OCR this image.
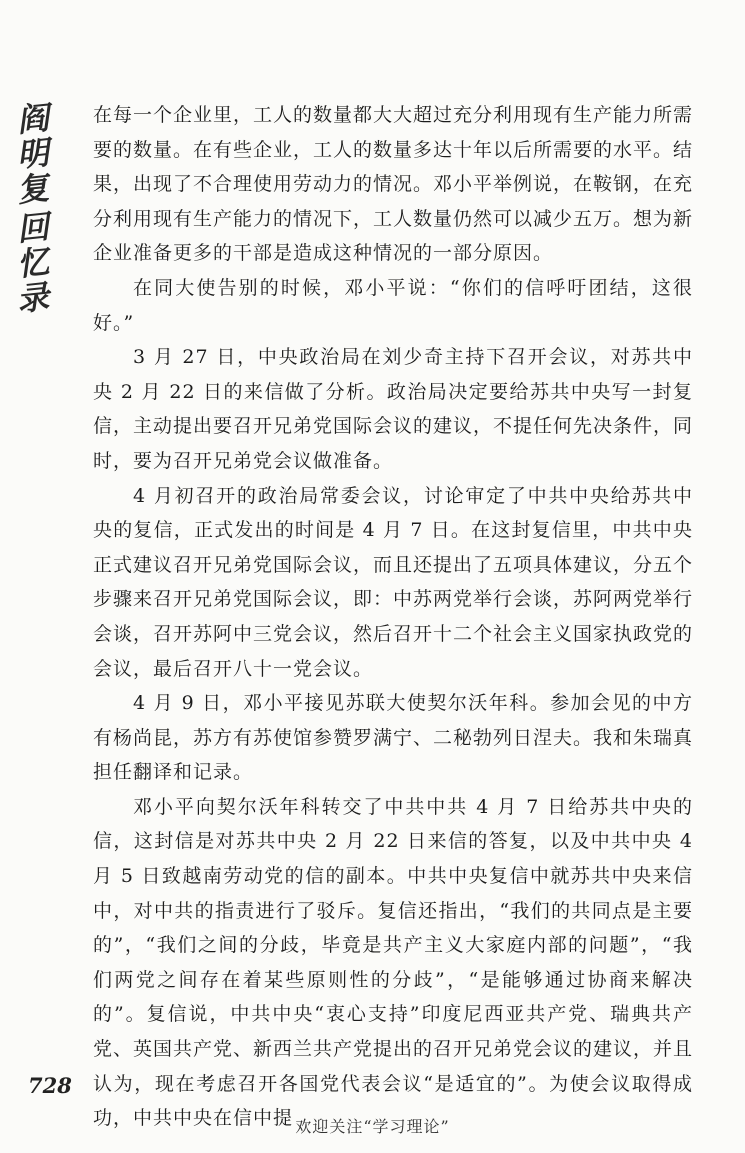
阎
明
复
回
忆
录

在每一个企业里，工人的数量都大大超过充分利用现有生产能力所需要的数量。在有些企业，工人的数量多达十年以后所需要的水平。结果，出现了不合理使用劳动力的情况。邓小平举例说，在鞍钢，在充分利用现有生产能力的情况下，工人数量仍然可以减少五万。想为新企业准备更多的干部是造成这种情况的一部分原因。

在同大使告别的时候，邓小平说：“你们的信呼吁团结，这很好。”

3 月 27 日，中央政治局在刘少奇主持下召开会议，对苏共中央 2 月 22 日的来信做了分析。政治局决定要给苏共中央写一封复信，主动提出要召开兄弟党国际会议的建议，不提任何先决条件，同时，要为召开兄弟党会议做准备。

4 月初召开的政治局常委会议，讨论审定了中共中央给苏共中央的复信，正式发出的时间是 4 月 7 日。在这封复信里，中共中央正式建议召开兄弟党国际会议，而且还提出了五项具体建议，分五个步骤来召开兄弟党国际会议，即：中苏两党举行会谈，苏阿两党举行会谈，召开苏阿中三党会议，然后召开十二个社会主义国家执政党的会议，最后召开八十一党会议。

4 月 9 日，邓小平接见苏联大使契尔沃年科。参加会见的中方有杨尚昆，苏方有苏使馆参赞罗满宁、二秘勃列日涅夫。我和朱瑞真担任翻译和记录。

邓小平向契尔沃年科转交了中共中共 4 月 7 日给苏共中央的信，这封信是对苏共中央 2 月 22 日来信的答复，以及中共中央 4 月 5 日致越南劳动党的信的副本。中共中央复信中就苏共中央来信中，对中共的指责进行了驳斥。复信还指出，“我们的共同点是主要的”，“我们之间的分歧，毕竟是共产主义大家庭内部的问题”，“我们两党之间存在着某些原则性的分歧”，“是能够通过协商来解决的”。复信说，中共中央“衷心支持”印度尼西亚共产党、瑞典共产党、英国共产党、新西兰共产党提出的召开兄弟党会议的建议，并且认为，现在考虑召开各国党代表会议“是适宜的”。为使会议取得成功，中共中央在信中提

728
欢迎关注“学习理论”
